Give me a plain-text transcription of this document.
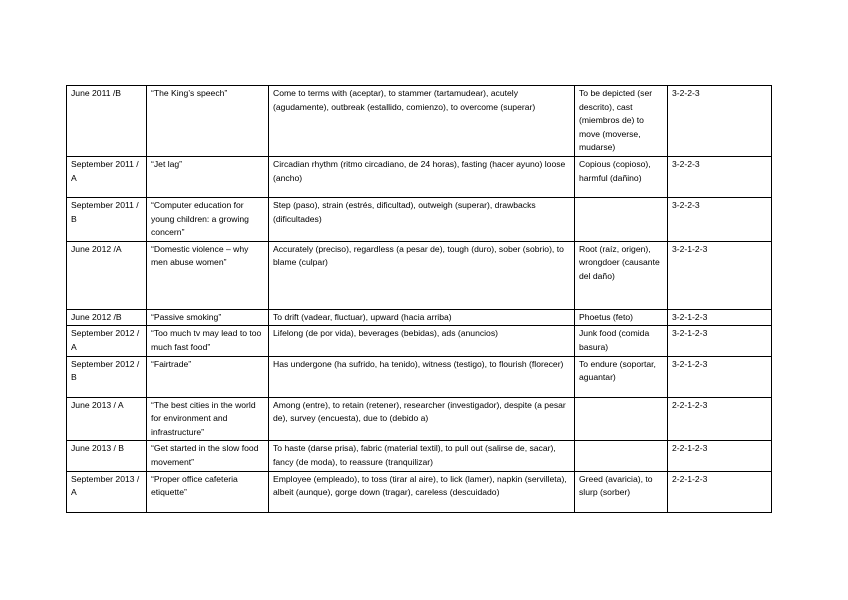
June 2011 /B	“The King’s speech”	Come to terms with (aceptar), to stammer (tartamudear), acutely (agudamente), outbreak (estallido, comienzo), to overcome (superar)	To be depicted (ser descrito), cast (miembros de) to move (moverse, mudarse)	3-2-2-3
September 2011 / A	“Jet lag”	Circadian rhythm (ritmo circadiano, de 24 horas), fasting (hacer ayuno) loose (ancho)	Copious (copioso), harmful (dañino)	3-2-2-3
September 2011 / B	“Computer education for young children: a growing concern”	Step (paso), strain (estrés, dificultad), outweigh (superar), drawbacks (dificultades)		3-2-2-3
June 2012 /A	“Domestic violence – why men abuse women”	Accurately (preciso), regardless (a pesar de), tough (duro), sober (sobrio), to blame (culpar)	Root (raíz, origen), wrongdoer (causante del daño)	3-2-1-2-3
June 2012 /B	“Passive smoking”	To drift (vadear, fluctuar), upward (hacia arriba)	Phoetus (feto)	3-2-1-2-3
September 2012 / A	“Too much tv may lead to too much fast food”	Lifelong (de por vida), beverages (bebidas), ads (anuncios)	Junk food (comida basura)	3-2-1-2-3
September 2012 / B	“Fairtrade”	Has undergone (ha sufrido, ha tenido), witness (testigo), to flourish (florecer)	To endure (soportar, aguantar)	3-2-1-2-3
June 2013 / A	“The best cities in the world for environment and infrastructure”	Among (entre), to retain (retener), researcher (investigador), despite (a pesar de), survey (encuesta), due to (debido a)		2-2-1-2-3
June 2013 / B	“Get started in the slow food movement”	To haste (darse prisa), fabric (material textil), to pull out (salirse de, sacar), fancy (de moda), to reassure (tranquilizar)		2-2-1-2-3
September 2013 / A	“Proper office cafeteria etiquette”	Employee (empleado), to toss (tirar al aire), to lick (lamer), napkin (servilleta), albeit (aunque), gorge down (tragar), careless (descuidado)	Greed (avaricia), to slurp (sorber)	2-2-1-2-3
